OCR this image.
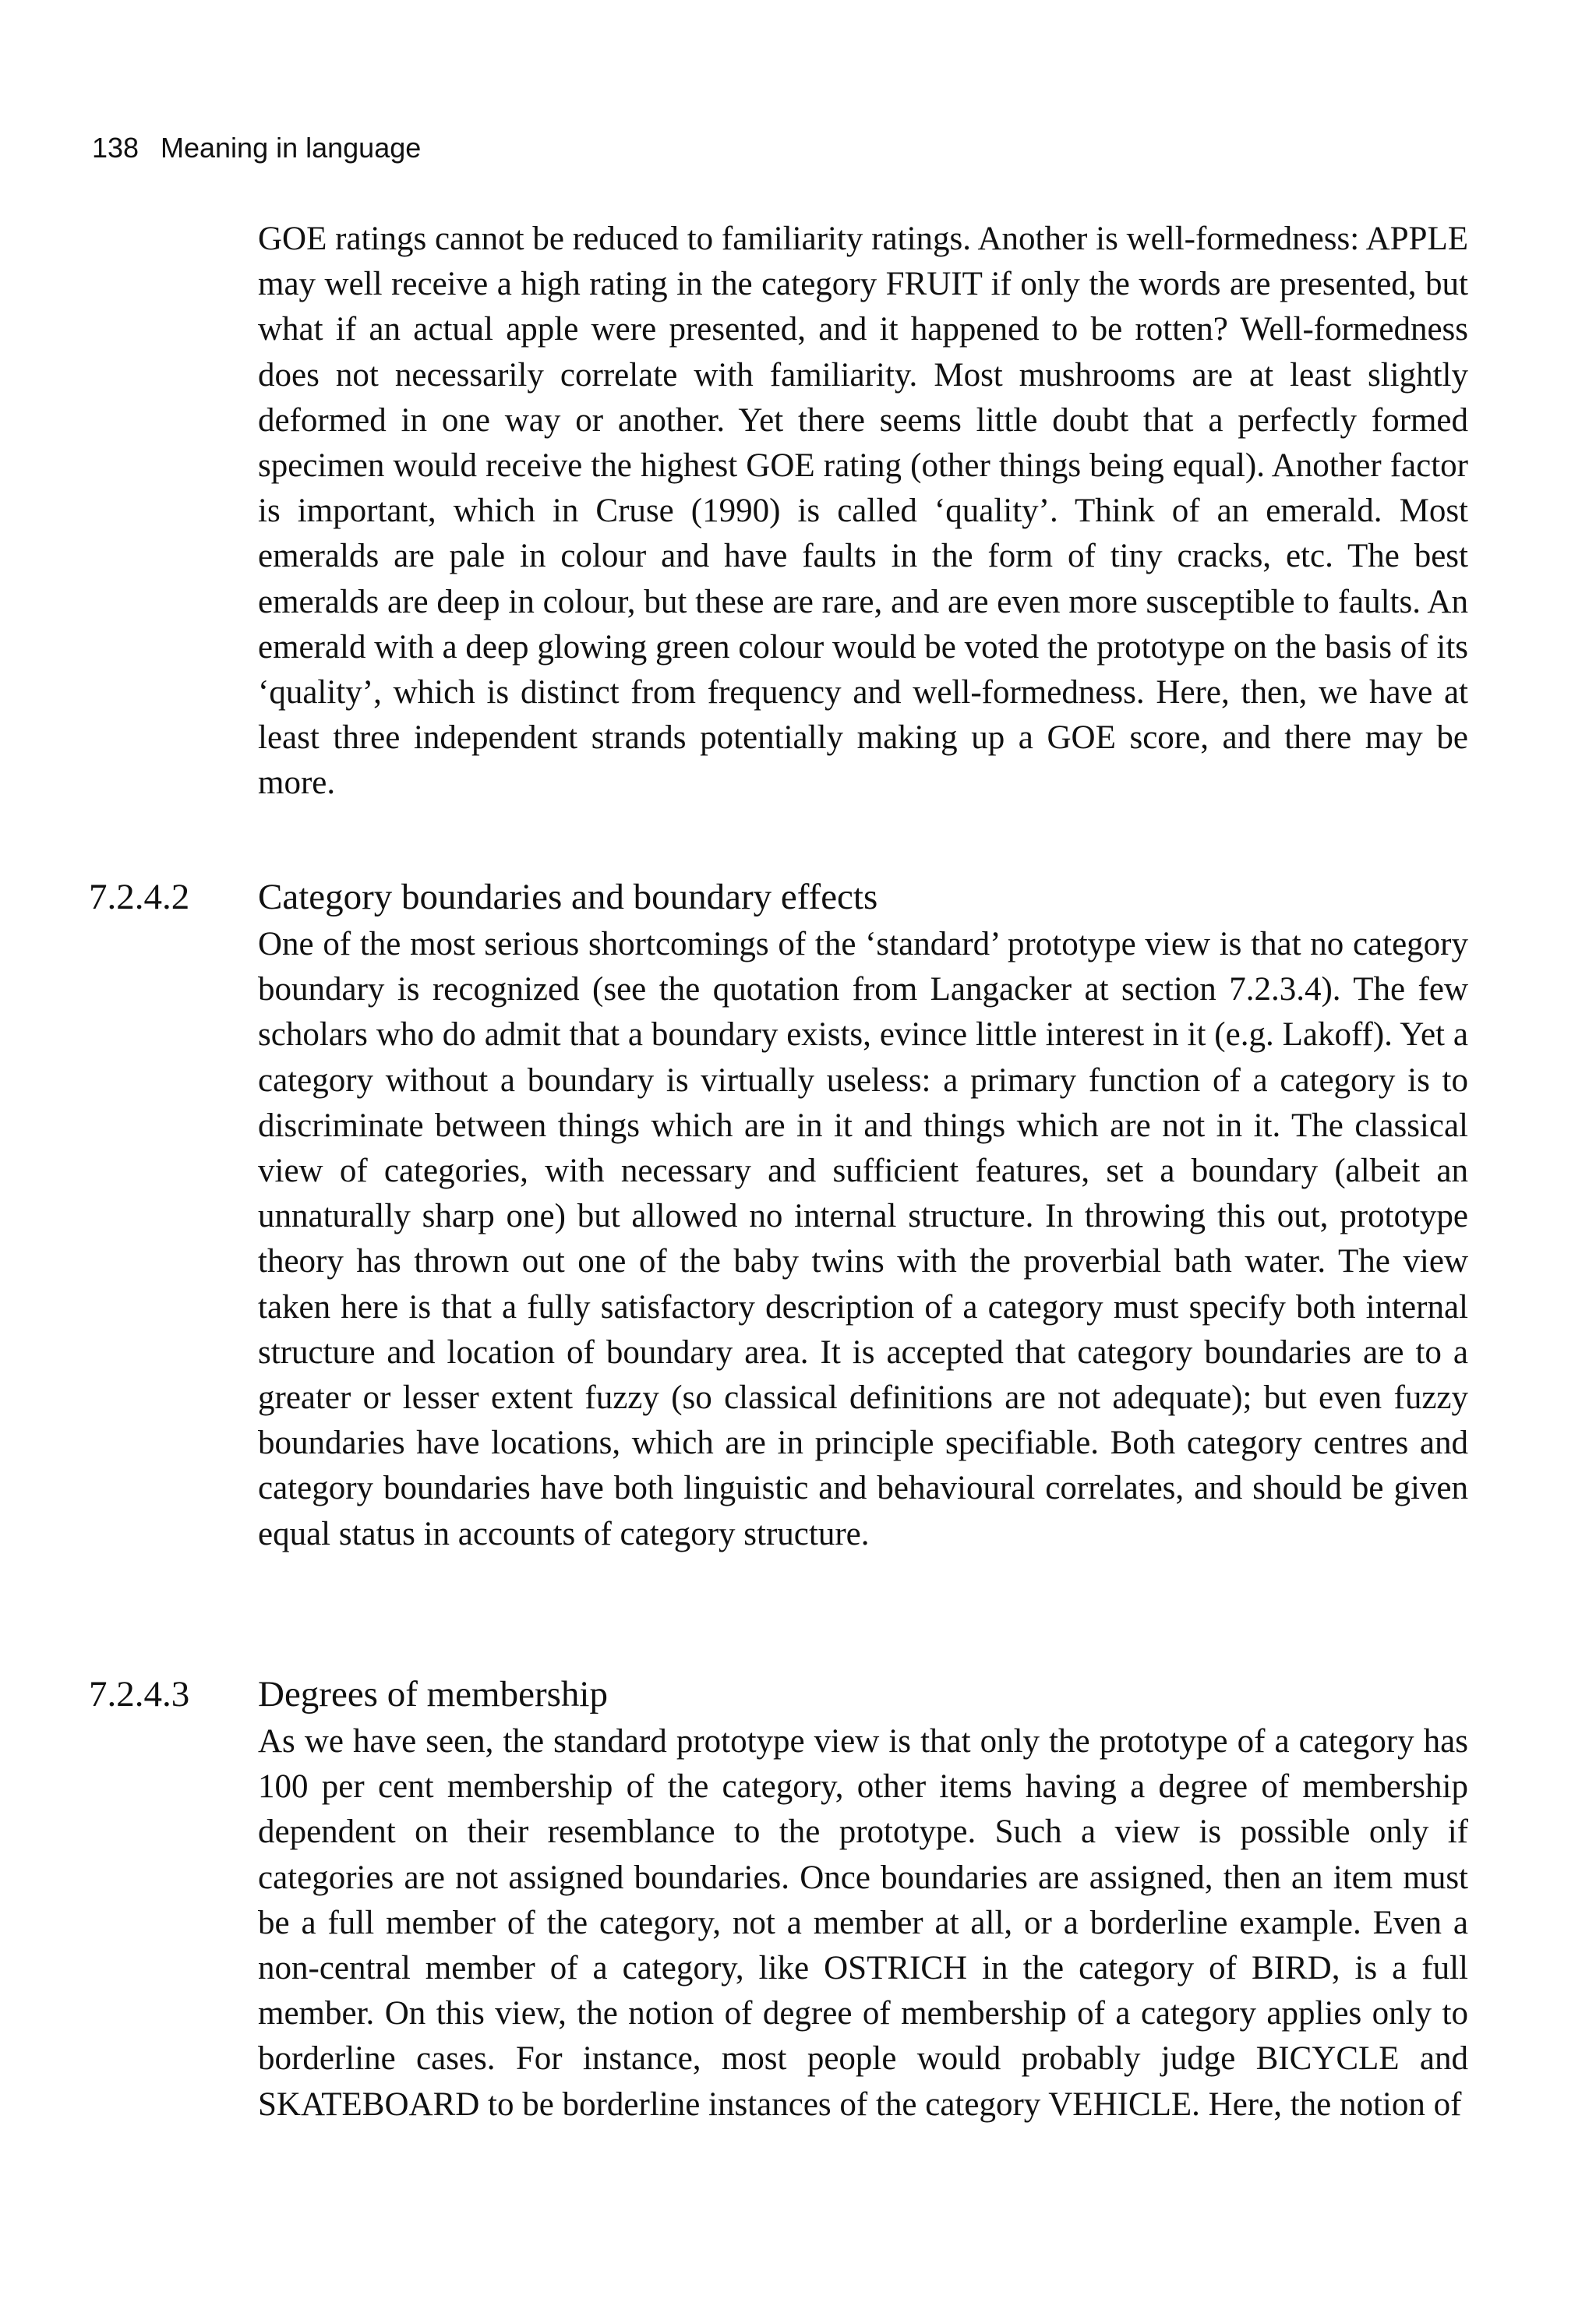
138 Meaning in language

GOE ratings cannot be reduced to familiarity ratings. Another is well-formedness: APPLE may well receive a high rating in the category FRUIT if only the words are presented, but what if an actual apple were presented, and it happened to be rotten? Well-formedness does not necessarily correlate with familiarity. Most mushrooms are at least slightly deformed in one way or another. Yet there seems little doubt that a perfectly formed specimen would receive the highest GOE rating (other things being equal). Another factor is important, which in Cruse (1990) is called ‘quality’. Think of an emerald. Most emeralds are pale in colour and have faults in the form of tiny cracks, etc. The best emeralds are deep in colour, but these are rare, and are even more susceptible to faults. An emerald with a deep glowing green colour would be voted the prototype on the basis of its ‘quality’, which is distinct from frequency and well-formedness. Here, then, we have at least three independent strands potentially making up a GOE score, and there may be more.

7.2.4.2 Category boundaries and boundary effects

One of the most serious shortcomings of the ‘standard’ prototype view is that no category boundary is recognized (see the quotation from Langacker at section 7.2.3.4). The few scholars who do admit that a boundary exists, evince little interest in it (e.g. Lakoff). Yet a category without a boundary is virtually useless: a primary function of a category is to discriminate between things which are in it and things which are not in it. The classical view of categories, with necessary and sufficient features, set a boundary (albeit an unnaturally sharp one) but allowed no internal structure. In throwing this out, prototype theory has thrown out one of the baby twins with the proverbial bath water. The view taken here is that a fully satisfactory description of a category must specify both internal structure and location of boundary area. It is accepted that category boundaries are to a greater or lesser extent fuzzy (so classical definitions are not adequate); but even fuzzy boundaries have locations, which are in principle specifiable. Both category centres and category boundaries have both linguistic and behavioural correlates, and should be given equal status in accounts of category structure.

7.2.4.3 Degrees of membership

As we have seen, the standard prototype view is that only the prototype of a category has 100 per cent membership of the category, other items having a degree of membership dependent on their resemblance to the prototype. Such a view is possible only if categories are not assigned boundaries. Once boundaries are assigned, then an item must be a full member of the category, not a member at all, or a borderline example. Even a non-central member of a category, like OSTRICH in the category of BIRD, is a full member. On this view, the notion of degree of membership of a category applies only to borderline cases. For instance, most people would probably judge BICYCLE and SKATEBOARD to be borderline instances of the category VEHICLE. Here, the notion of
